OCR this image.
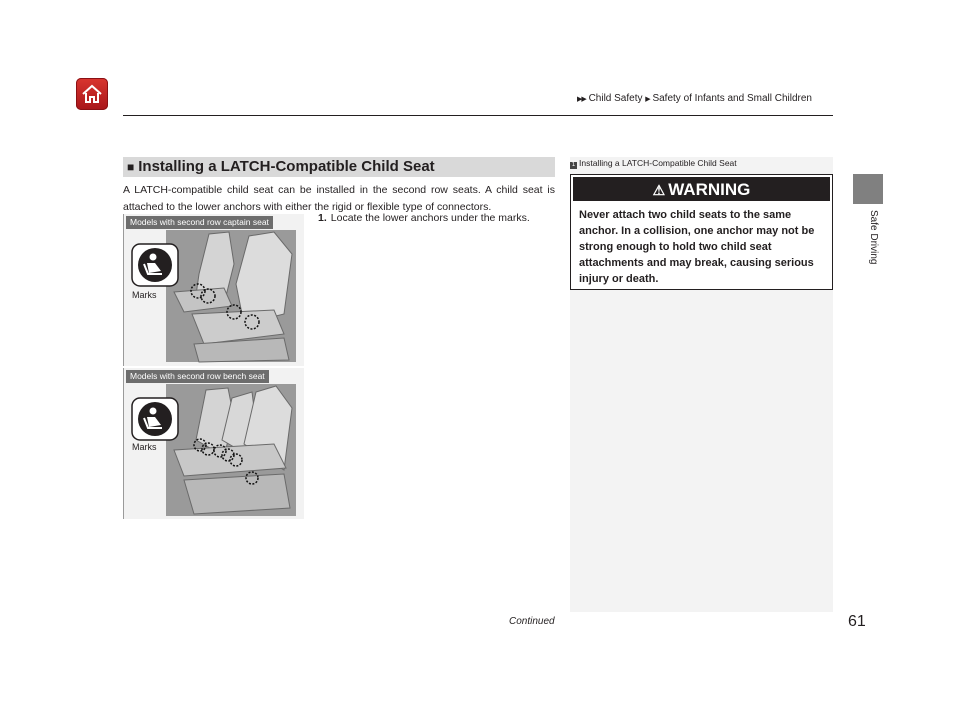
▶▶ Child Safety ▶ Safety of Infants and Small Children
Safe Driving
■ Installing a LATCH-Compatible Child Seat
A LATCH-compatible child seat can be installed in the second row seats. A child seat is attached to the lower anchors with either the rigid or flexible type of connectors.
1. Locate the lower anchors under the marks.
Models with second row captain seat
Marks
Models with second row bench seat
Marks
1 Installing a LATCH-Compatible Child Seat
⚠ WARNING
Never attach two child seats to the same anchor. In a collision, one anchor may not be strong enough to hold two child seat attachments and may break, causing serious injury or death.
Continued	61
